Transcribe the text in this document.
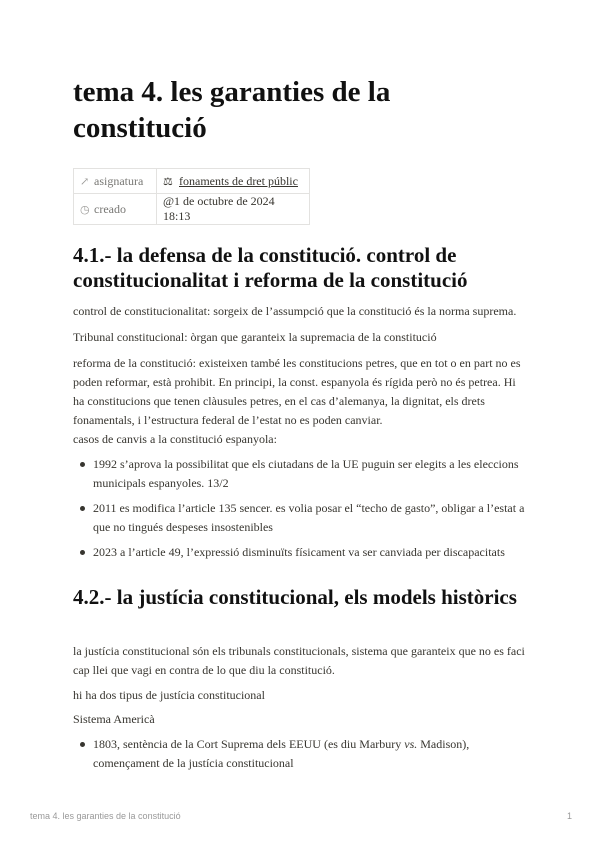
tema 4. les garanties de la constitució
↗ asignatura	⚖ fonaments de dret públic
◷ creado	@1 de octubre de 2024 18:13
4.1.- la defensa de la constitució. control de constitucionalitat i reforma de la constitució

control de constitucionalitat: sorgeix de l’assumpció que la constitució és la norma suprema.

Tribunal constitucional: òrgan que garanteix la supremacia de la constitució

reforma de la constitució: existeixen també les constitucions petres, que en tot o en part no es poden reformar, està prohibit. En principi, la const. espanyola és rígida però no és petrea. Hi ha constitucions que tenen clàusules petres, en el cas d’alemanya, la dignitat, els drets fonamentals, i l’estructura federal de l’estat no es poden canviar.

casos de canvis a la constitució espanyola:

1992 s’aprova la possibilitat que els ciutadans de la UE puguin ser elegits a les eleccions municipals espanyoles. 13/2
2011 es modifica l’article 135 sencer. es volia posar el “techo de gasto”, obligar a l’estat a que no tingués despeses insostenibles
2023 a l’article 49, l’expressió disminuïts físicament va ser canviada per discapacitats
4.2.- la justícia constitucional, els models històrics

la justícia constitucional són els tribunals constitucionals, sistema que garanteix que no es faci cap llei que vagi en contra de lo que diu la constitució.

hi ha dos tipus de justícia constitucional

Sistema Americà

1803, sentència de la Cort Suprema dels EEUU (es diu Marbury vs. Madison), començament de la justícia constitucional
tema 4. les garanties de la constitució	1
